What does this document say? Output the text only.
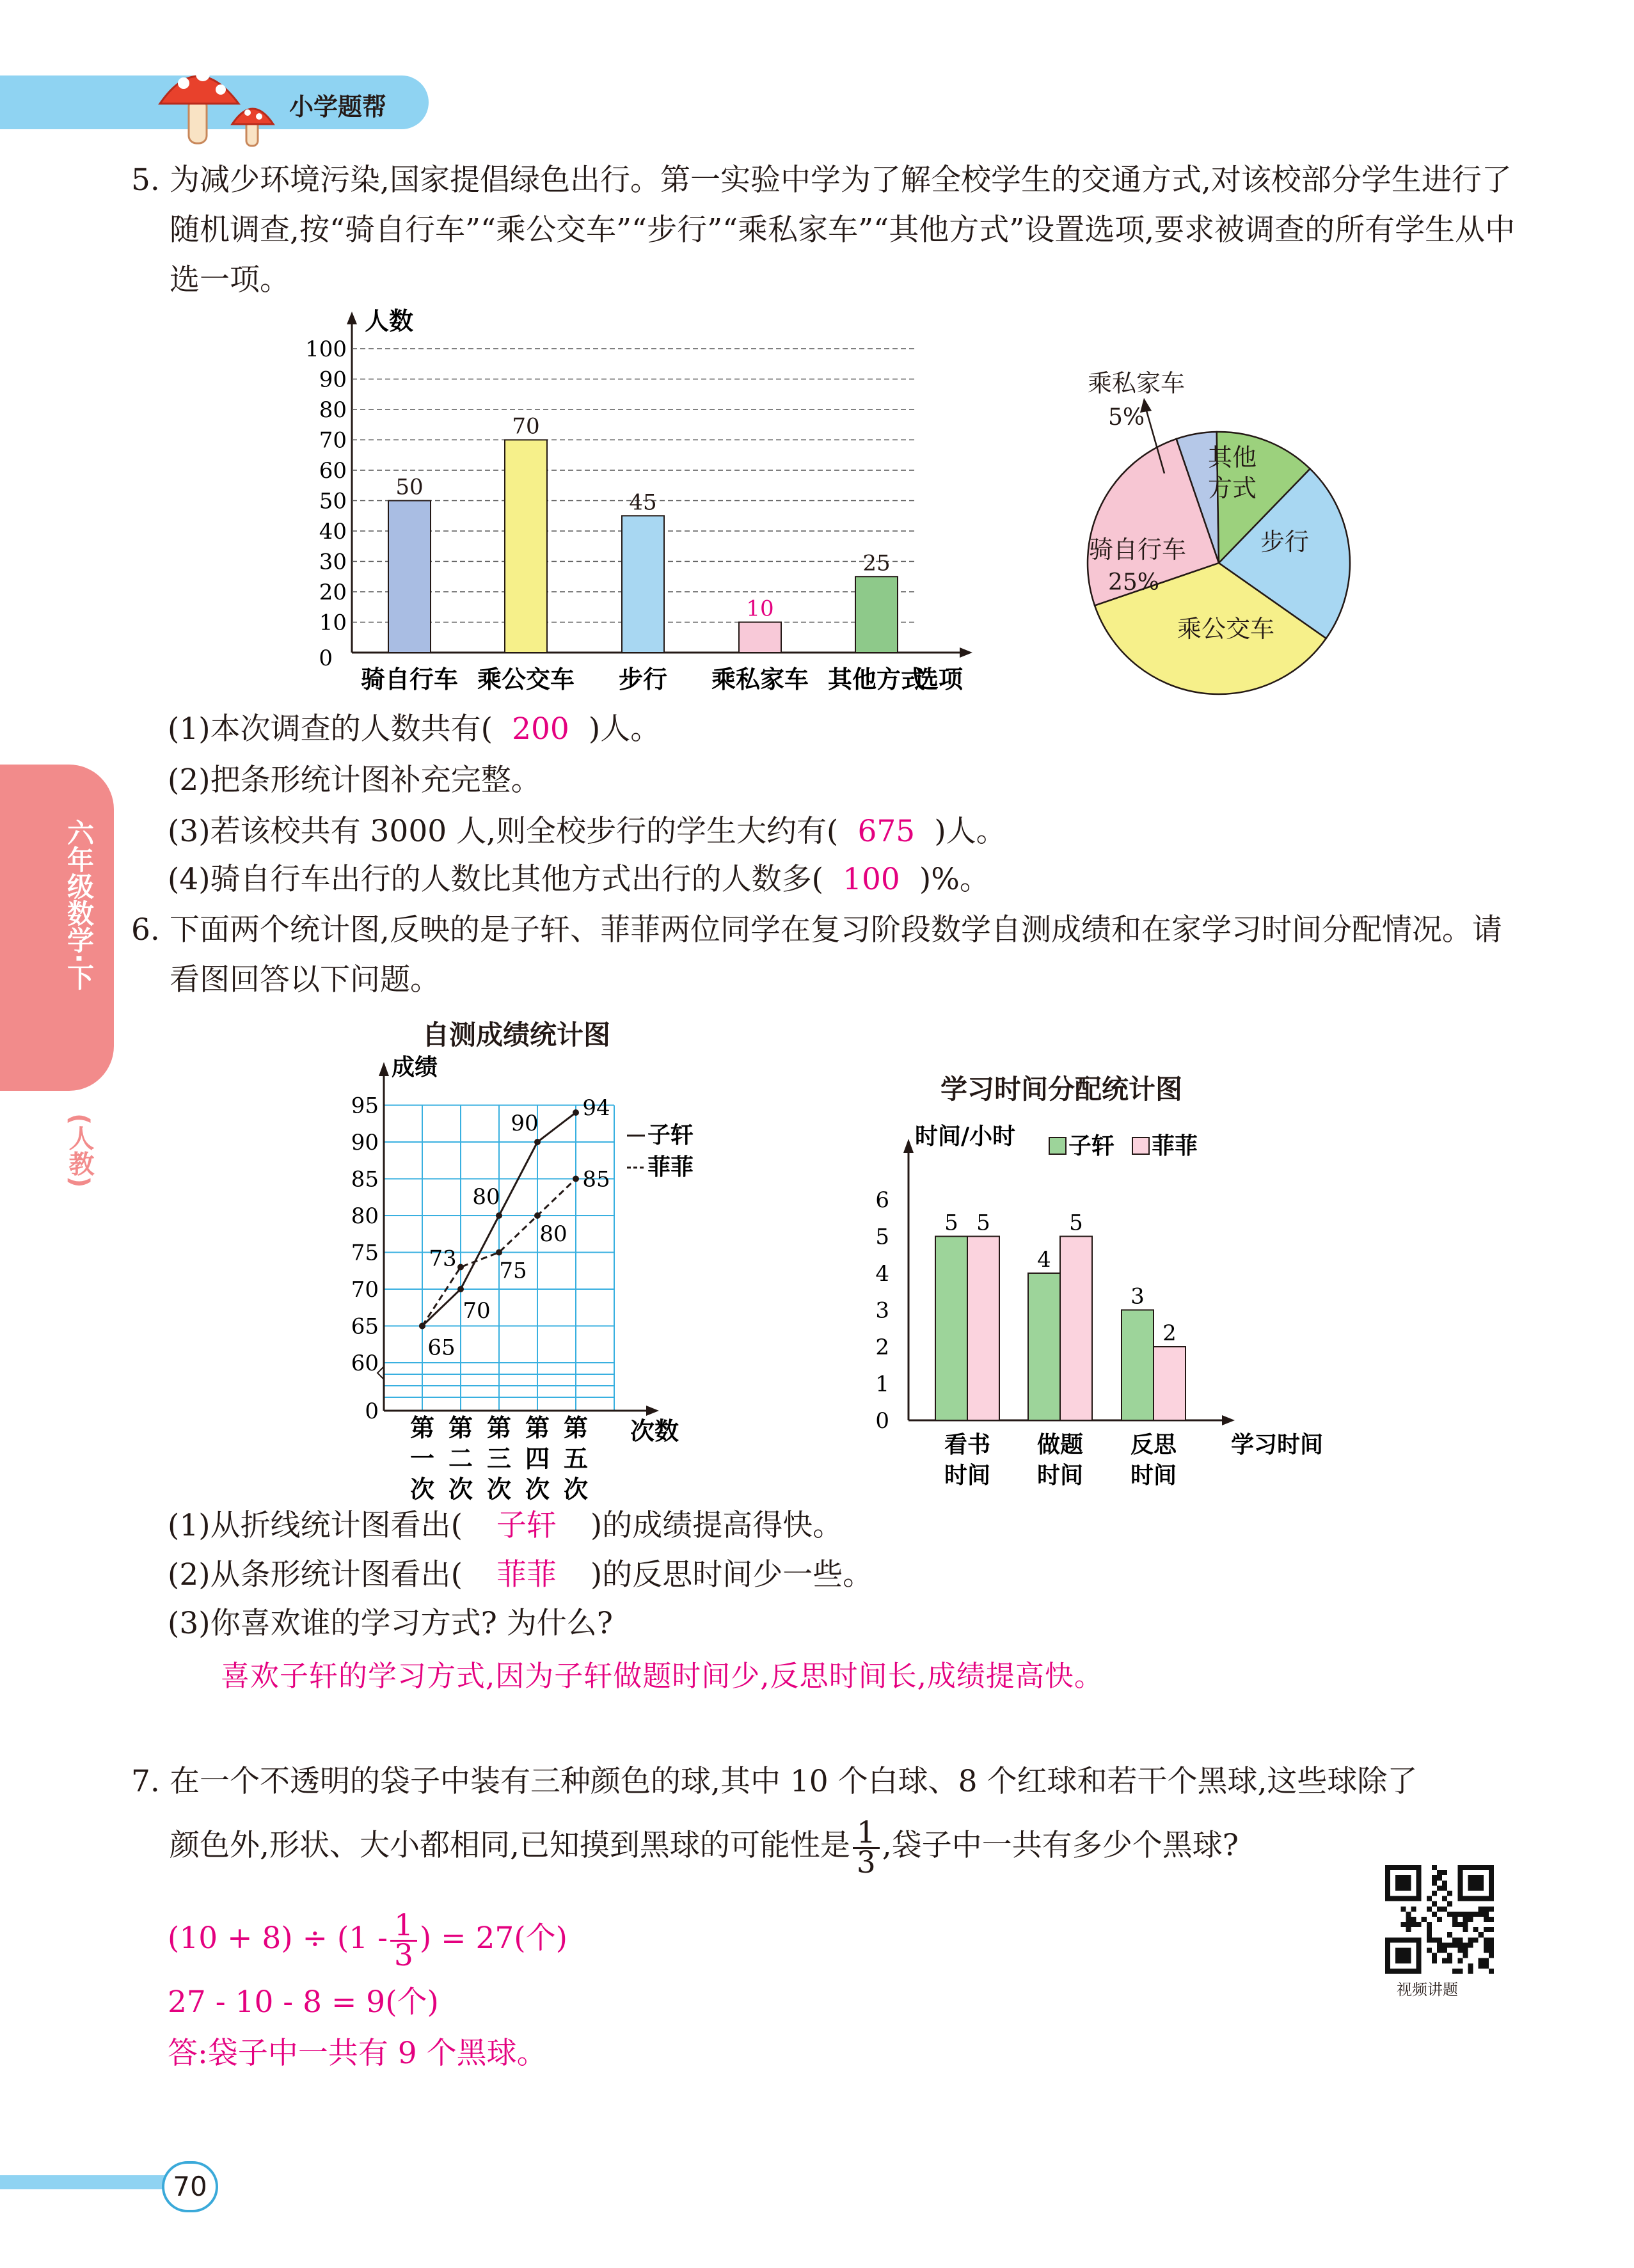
小学题帮
六年级数学·下
(人教)
5. 为减少环境污染,国家提倡绿色出行。第一实验中学为了解全校学生的交通方式,对该校部分学生进行了随机调查,按“骑自行车”“乘公交车”“步行”“乘私家车”“其他方式”设置选项,要求被调查的所有学生从中选一项。
人数
0
10
20
30
40
50
60
70
80
90
100
50
骑自行车
70
乘公交车
45
步行
10
乘私家车
25
其他方式
选项
乘私家车
5%
其他 方式
步行
乘公交车
骑自行车
25%
(1)本次调查的人数共有( 200 )人。
(2)把条形统计图补充完整。
(3)若该校共有 3000 人,则全校步行的学生大约有( 675 )人。
(4)骑自行车出行的人数比其他方式出行的人数多( 100 )%。
6. 下面两个统计图,反映的是子轩、菲菲两位同学在复习阶段数学自测成绩和在家学习时间分配情况。请看图回答以下问题。
自测成绩统计图
学习时间分配统计图
成绩
0
60
65
70
75
80
85
90
95
第
一
次
第
二
次
第
三
次
第
四
次
第
五
次
次数
65
70
80
90
94
73 75
80
85
子轩
菲菲
时间/小时
0
1
2
3
4
5
6
子轩 菲菲
5 5
看书
时间
4
5
做题
时间
3
2
反思
时间
学习时间
(1)从折线统计图看出( 子轩 )的成绩提高得快。
(2)从条形统计图看出( 菲菲 )的反思时间少一些。
(3)你喜欢谁的学习方式? 为什么?
喜欢子轩的学习方式,因为子轩做题时间少,反思时间长,成绩提高快。
7. 在一个不透明的袋子中装有三种颜色的球,其中 10 个白球、8 个红球和若干个黑球,这些球除了
颜色外,形状、大小都相同,已知摸到黑球的可能性是 $\frac{1}{3}$ ,袋子中一共有多少个黑球?
$(10 + 8) \div (1 - \frac{1}{3}$ ) = 27(个)
27 - 10 - 8 = 9(个)
答:袋子中一共有 9 个黑球。
视频讲题
70
